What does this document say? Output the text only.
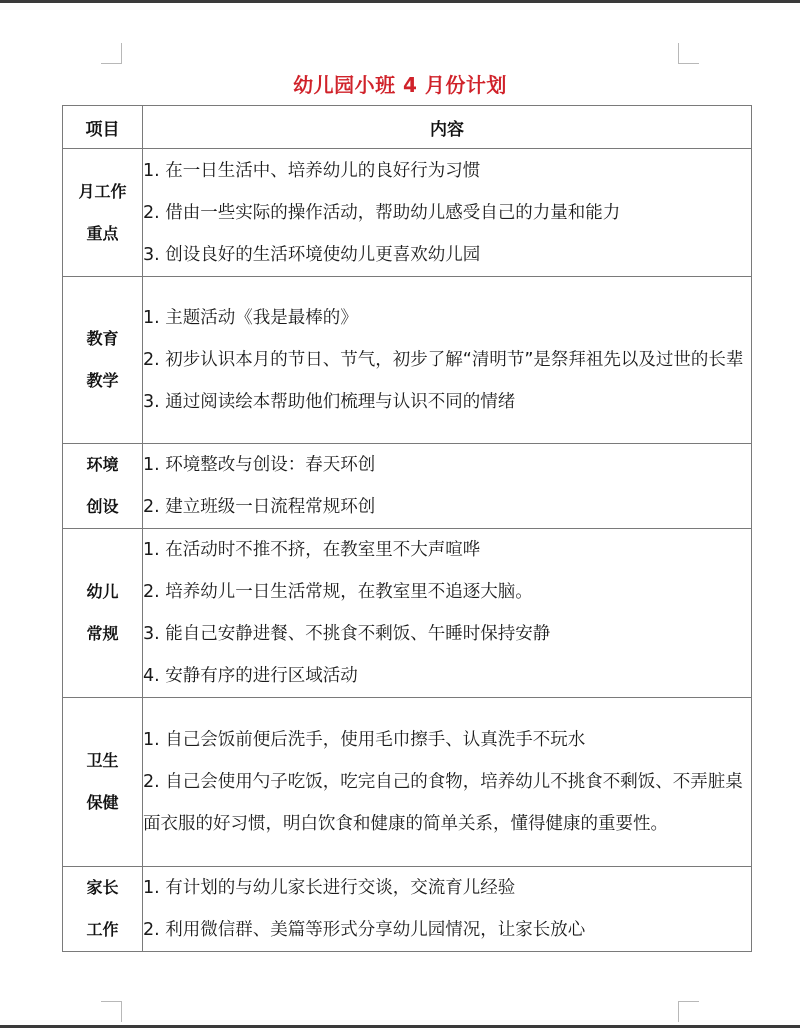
幼儿园小班 4 月份计划
项目	内容

月工作
重点	1. 在一日生活中、培养幼儿的良好行为习惯
2. 借由一些实际的操作活动，帮助幼儿感受自己的力量和能力
3. 创设良好的生活环境使幼儿更喜欢幼儿园

教育
教学	1. 主题活动《我是最棒的》
2. 初步认识本月的节日、节气，初步了解“清明节”是祭拜祖先以及过世的长辈
3. 通过阅读绘本帮助他们梳理与认识不同的情绪

环境
创设	1. 环境整改与创设：春天环创
2. 建立班级一日流程常规环创

幼儿
常规	1. 在活动时不推不挤，在教室里不大声喧哗
2. 培养幼儿一日生活常规，在教室里不追逐大脑。
3. 能自己安静进餐、不挑食不剩饭、午睡时保持安静
4. 安静有序的进行区域活动

卫生
保健	1. 自己会饭前便后洗手，使用毛巾擦手、认真洗手不玩水
2. 自己会使用勺子吃饭，吃完自己的食物，培养幼儿不挑食不剩饭、不弄脏桌面衣服的好习惯，明白饮食和健康的简单关系，懂得健康的重要性。

家长
工作	1. 有计划的与幼儿家长进行交谈，交流育儿经验
2. 利用微信群、美篇等形式分享幼儿园情况，让家长放心
